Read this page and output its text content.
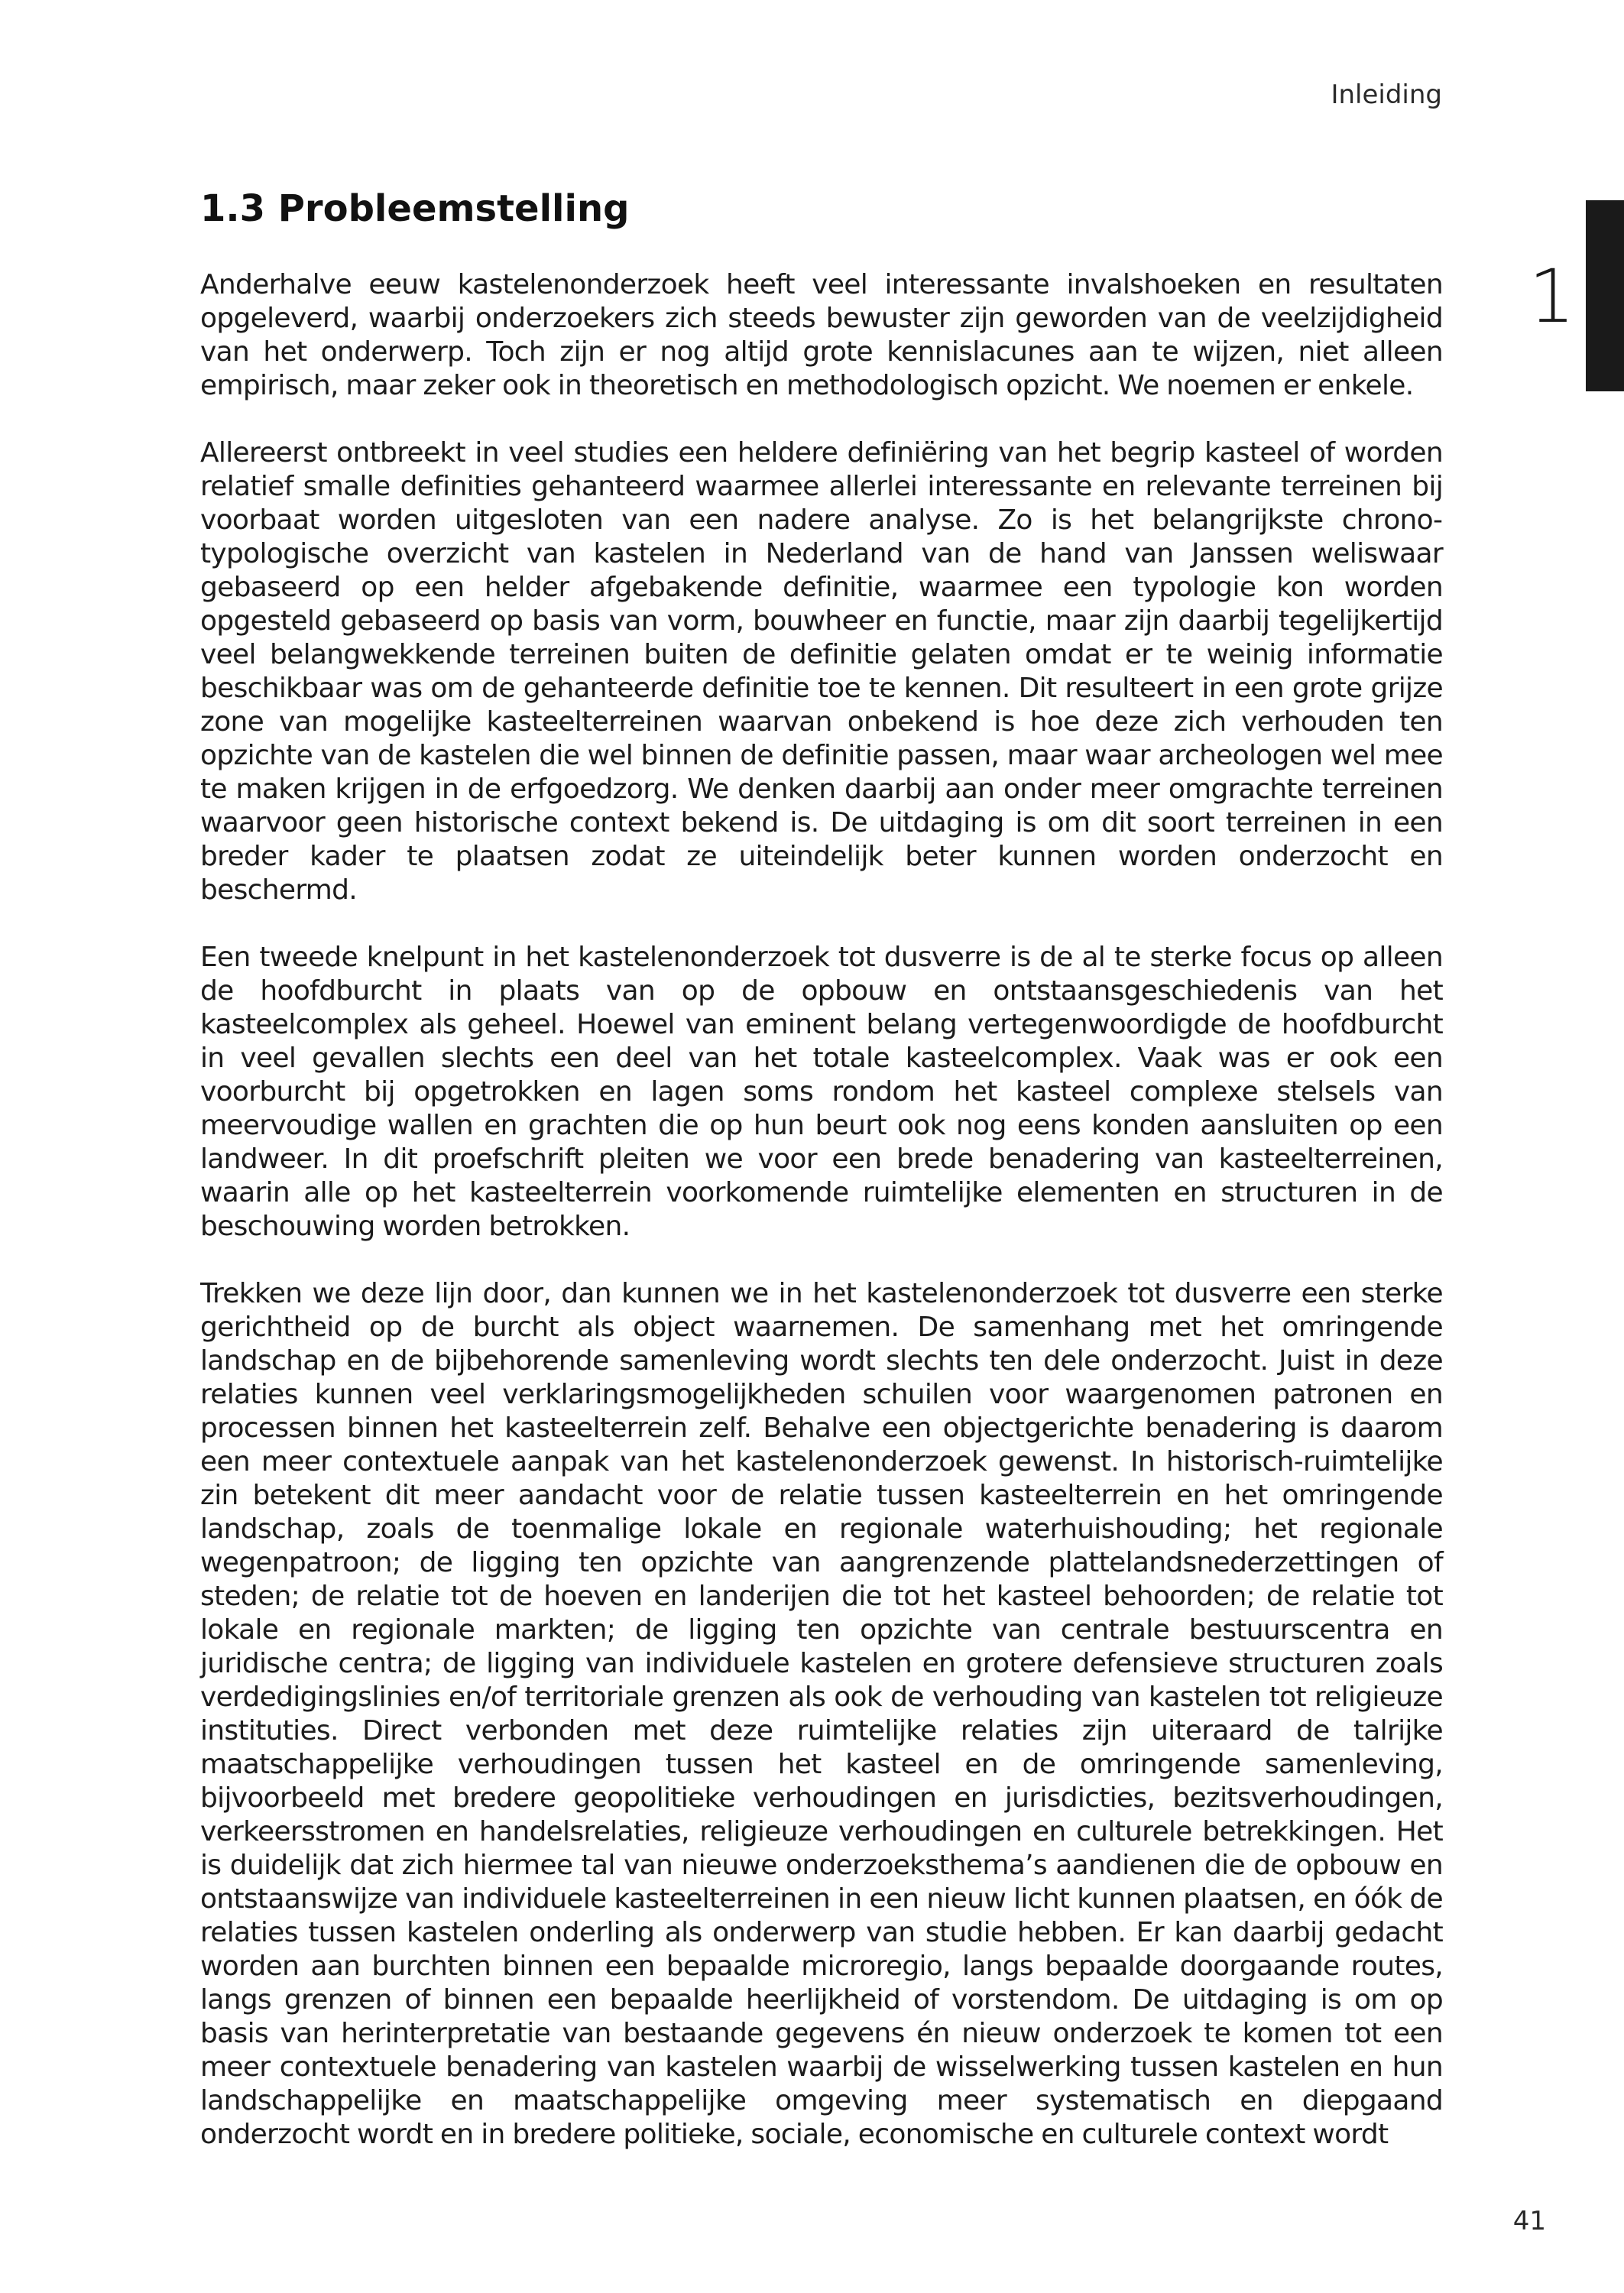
Inleiding
1
1.3 Probleemstelling

Anderhalve eeuw kastelenonderzoek heeft veel interessante invalshoeken en resultaten opgeleverd, waarbij onderzoekers zich steeds bewuster zijn geworden van de veelzijdigheid van het onderwerp. Toch zijn er nog altijd grote kennislacunes aan te wijzen, niet alleen empirisch, maar zeker ook in theoretisch en methodologisch opzicht. We noemen er enkele.

Allereerst ontbreekt in veel studies een heldere definiëring van het begrip kasteel of worden relatief smalle definities gehanteerd waarmee allerlei interessante en relevante terreinen bij voorbaat worden uitgesloten van een nadere analyse. Zo is het belangrijkste chronotypologische overzicht van kastelen in Nederland van de hand van Janssen weliswaar gebaseerd op een helder afgebakende definitie, waarmee een typologie kon worden opgesteld gebaseerd op basis van vorm, bouwheer en functie, maar zijn daarbij tegelijkertijd veel belangwekkende terreinen buiten de definitie gelaten omdat er te weinig informatie beschikbaar was om de gehanteerde definitie toe te kennen. Dit resulteert in een grote grijze zone van mogelijke kasteelterreinen waarvan onbekend is hoe deze zich verhouden ten opzichte van de kastelen die wel binnen de definitie passen, maar waar archeologen wel mee te maken krijgen in de erfgoedzorg. We denken daarbij aan onder meer omgrachte terreinen waarvoor geen historische context bekend is. De uitdaging is om dit soort terreinen in een breder kader te plaatsen zodat ze uiteindelijk beter kunnen worden onderzocht en beschermd.

Een tweede knelpunt in het kastelenonderzoek tot dusverre is de al te sterke focus op alleen de hoofdburcht in plaats van op de opbouw en ontstaansgeschiedenis van het kasteelcomplex als geheel. Hoewel van eminent belang vertegenwoordigde de hoofdburcht in veel gevallen slechts een deel van het totale kasteelcomplex. Vaak was er ook een voorburcht bij opgetrokken en lagen soms rondom het kasteel complexe stelsels van meervoudige wallen en grachten die op hun beurt ook nog eens konden aansluiten op een landweer. In dit proefschrift pleiten we voor een brede benadering van kasteelterreinen, waarin alle op het kasteelterrein voorkomende ruimtelijke elementen en structuren in de beschouwing worden betrokken.

Trekken we deze lijn door, dan kunnen we in het kastelenonderzoek tot dusverre een sterke gerichtheid op de burcht als object waarnemen. De samenhang met het omringende landschap en de bijbehorende samenleving wordt slechts ten dele onderzocht. Juist in deze relaties kunnen veel verklaringsmogelijkheden schuilen voor waargenomen patronen en processen binnen het kasteelterrein zelf. Behalve een objectgerichte benadering is daarom een meer contextuele aanpak van het kastelenonderzoek gewenst. In historisch-ruimtelijke zin betekent dit meer aandacht voor de relatie tussen kasteelterrein en het omringende landschap, zoals de toenmalige lokale en regionale waterhuishouding; het regionale wegenpatroon; de ligging ten opzichte van aangrenzende plattelandsnederzettingen of steden; de relatie tot de hoeven en landerijen die tot het kasteel behoorden; de relatie tot lokale en regionale markten; de ligging ten opzichte van centrale bestuurscentra en juridische centra; de ligging van individuele kastelen en grotere defensieve structuren zoals verdedigingslinies en/of territoriale grenzen als ook de verhouding van kastelen tot religieuze instituties. Direct verbonden met deze ruimtelijke relaties zijn uiteraard de talrijke maatschappelijke verhoudingen tussen het kasteel en de omringende samenleving, bijvoorbeeld met bredere geopolitieke verhoudingen en jurisdicties, bezitsverhoudingen, verkeersstromen en handelsrelaties, religieuze verhoudingen en culturele betrekkingen. Het is duidelijk dat zich hiermee tal van nieuwe onderzoeksthema’s aandienen die de opbouw en ontstaanswijze van individuele kasteelterreinen in een nieuw licht kunnen plaatsen, en óók de relaties tussen kastelen onderling als onderwerp van studie hebben. Er kan daarbij gedacht worden aan burchten binnen een bepaalde microregio, langs bepaalde doorgaande routes, langs grenzen of binnen een bepaalde heerlijkheid of vorstendom. De uitdaging is om op basis van herinterpretatie van bestaande gegevens én nieuw onderzoek te komen tot een meer contextuele benadering van kastelen waarbij de wisselwerking tussen kastelen en hun landschappelijke en maatschappelijke omgeving meer systematisch en diepgaand onderzocht wordt en in bredere politieke, sociale, economische en culturele context wordt

41
